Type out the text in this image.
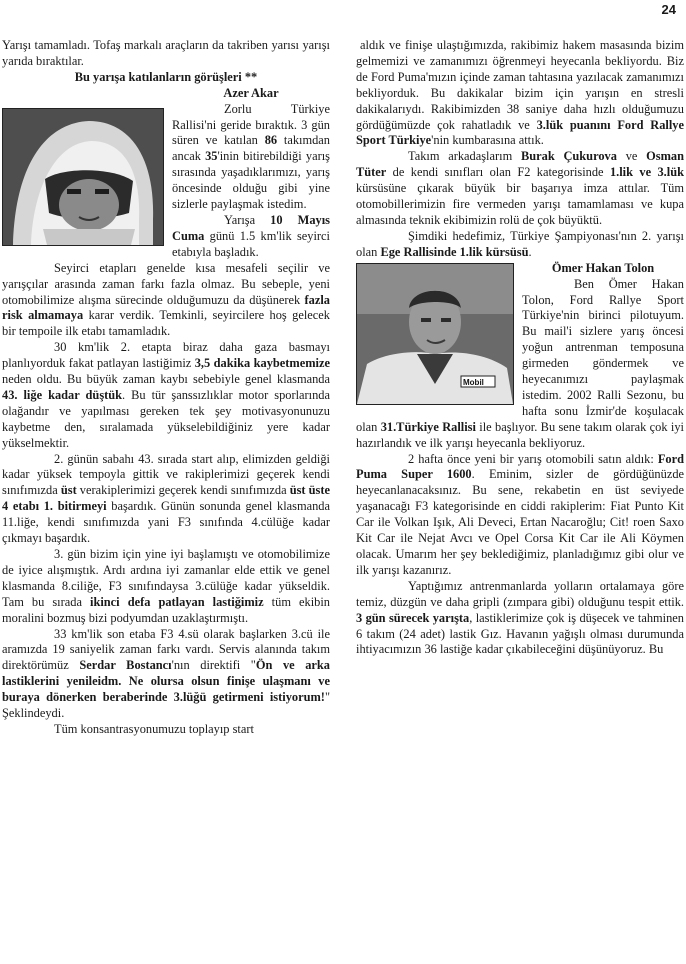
24

Yarışı tamamladı. Tofaş markalı araçların da takriben yarısı yarışı yarıda bıraktılar.

Bu yarışa katılanların görüşleri **

Azer Akar

Zorlu Türkiye Rallisi'ni geride bıraktık. 3 gün süren ve katılan 86 takımdan ancak 35'inin bitirebildiği yarış sırasında yaşadıklarımızı, yarış öncesinde olduğu gibi yine sizlerle paylaşmak istedim.

Yarışa 10 Mayıs Cuma günü 1.5 km'lik seyirci etabıyla başladık.

Seyirci etapları genelde kısa mesafeli seçilir ve yarışçılar arasında zaman farkı fazla olmaz. Bu sebeple, yeni otomobilimize alışma sürecinde olduğumuzu da düşünerek fazla risk almamaya karar verdik. Temkinli, seyircilere hoş gelecek bir tempoile ilk etabı tamamladık.

30 km'lik 2. etapta biraz daha gaza basmayı planlıyorduk fakat patlayan lastiğimiz 3,5 dakika kaybetmemize neden oldu. Bu büyük zaman kaybı sebebiyle genel klasmanda 43. liğe kadar düştük. Bu tür şanssızlıklar motor sporlarında olağandır ve yapılması gereken tek şey motivasyonunuzu kaybetme den, sıralamada yükselebildiğiniz yere kadar yükselmektir.

2. günün sabahı 43. sırada start alıp, elimizden geldiği kadar yüksek tempoyla gittik ve rakiplerimizi geçerek kendi sınıfımızda üst verakiplerimizi geçerek kendi sınıfımızda üst üste 4 etabı 1. bitirmeyi başardık. Günün sonunda genel klasmanda 11.liğe, kendi sınıfımızda yani F3 sınıfında 4.cülüğe kadar çıkmayı başardık.

3. gün bizim için yine iyi başlamıştı ve otomobilimize de iyice alışmıştık. Ardı ardına iyi zamanlar elde ettik ve genel klasmanda 8.ciliğe, F3 sınıfındaysa 3.cülüğe kadar yükseldik. Tam bu sırada ikinci defa patlayan lastiğimiz tüm ekibin moralini bozmuş bizi podyumdan uzaklaştırmıştı.

33 km'lik son etaba F3 4.sü olarak başlarken 3.cü ile aramızda 19 saniyelik zaman farkı vardı. Servis alanında takım direktörümüz Serdar Bostancı'nın direktifi "Ön ve arka lastiklerini yenileidm. Ne olursa olsun finişe ulaşmanı ve buraya dönerken beraberinde 3.lüğü getirmeni istiyorum!" Şeklindeydi.

Tüm konsantrasyonumuzu toplayıp start

aldık ve finişe ulaştığımızda, rakibimiz hakem masasında bizim gelmemizi ve zamanımızı öğrenmeyi heyecanla bekliyordu. Biz de Ford Puma'mızın içinde zaman tahtasına yazılacak zamanımızı bekliyorduk. Bu dakikalar bizim için yarışın en stresli dakikalarıydı. Rakibimizden 38 saniye daha hızlı olduğumuzu gördüğümüzde çok rahatladık ve 3.lük puanını Ford Rallye Sport Türkiye'nin kumbarasına attık.

Takım arkadaşlarım Burak Çukurova ve Osman Tüter de kendi sınıfları olan F2 kategorisinde 1.lik ve 3.lük kürsüsüne çıkarak büyük bir başarıya imza attılar. Tüm otomobillerimizin fire vermeden yarışı tamamlaması ve kupa almasında teknik ekibimizin rolü de çok büyüktü.

Şimdiki hedefimiz, Türkiye Şampiyonası'nın 2. yarışı olan Ege Rallisinde 1.lik kürsüsü.

Mobil

Ömer Hakan Tolon

Ben Ömer Hakan Tolon, Ford Rallye Sport Türkiye'nin birinci pilotuyum. Bu mail'i sizlere yarış öncesi yoğun antrenman temposuna girmeden göndermek ve heyecanımızı paylaşmak istedim. 2002 Ralli Sezonu, bu hafta sonu İzmir'de koşulacak olan 31.Türkiye Rallisi ile başlıyor. Bu sene takım olarak çok iyi hazırlandık ve ilk yarışı heyecanla bekliyoruz.

2 hafta önce yeni bir yarış otomobili satın aldık: Ford Puma Super 1600. Eminim, sizler de gördüğünüzde heyecanlanacaksınız. Bu sene, rekabetin en üst seviyede yaşanacağı F3 kategorisinde en ciddi rakiplerim: Fiat Punto Kit Car ile Volkan Işık, Ali Deveci, Ertan Nacaroğlu; Cit! roen Saxo Kit Car ile Nejat Avcı ve Opel Corsa Kit Car ile Ali Köymen olacak. Umarım her şey beklediğimiz, planladığımız gibi olur ve ilk yarışı kazanırız.

Yaptığımız antrenmanlarda yolların ortalamaya göre temiz, düzgün ve daha gripli (zımpara gibi) olduğunu tespit ettik. 3 gün sürecek yarışta, lastiklerimize çok iş düşecek ve tahminen 6 takım (24 adet) lastik Gız. Havanın yağışlı olması durumunda ihtiyacımızın 36 lastiğe kadar çıkabileceğini düşünüyoruz. Bu
